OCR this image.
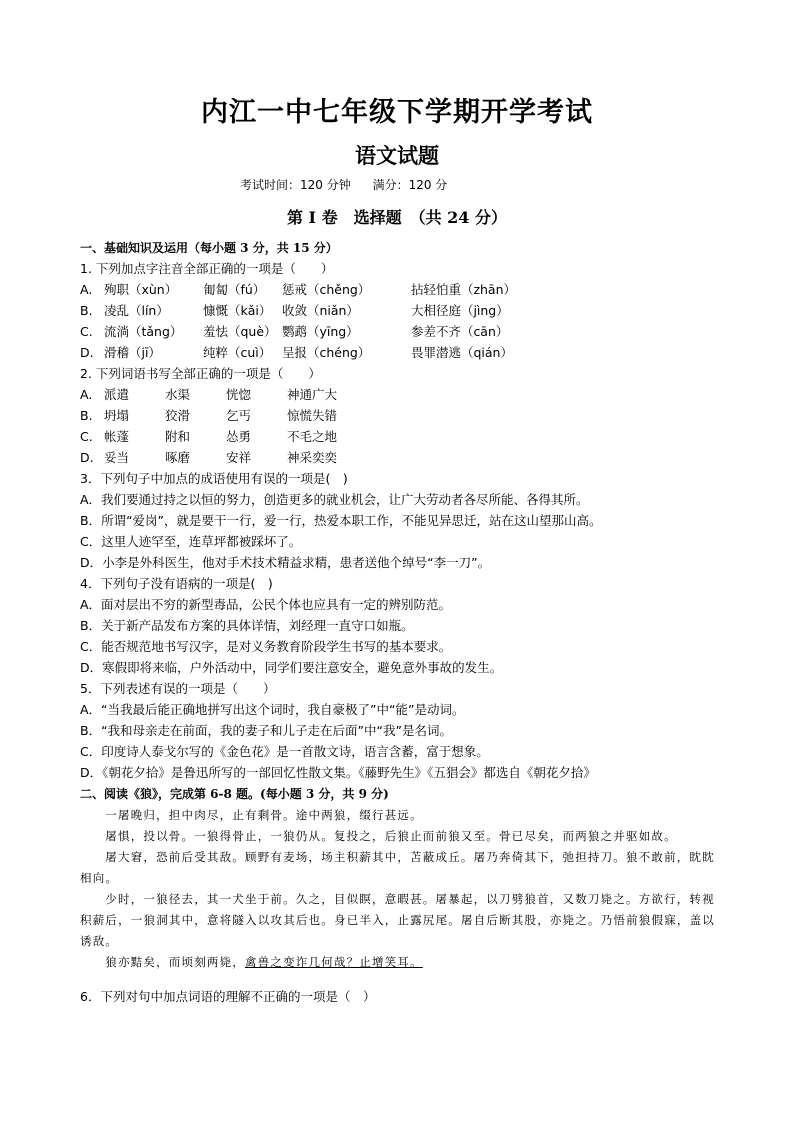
内江一中七年级下学期开学考试
语文试题
考试时间：120 分钟 满分：120 分
第 I 卷　选择题　（共 24 分）
一、基础知识及运用（每小题 3 分，共 15 分）
1. 下列加点字注音全部正确的一项是（　　）
A. 殉职（xùn） 匍匐（fú） 惩戒（chěng）	拈轻怕重（zhān）
B. 凌乱（lín）	慷慨（kǎi） 收敛（niǎn）	大相径庭（jìng）
C. 流淌（tǎng） 羞怯（què） 鹦鹉（yīng）	参差不齐（cān）
D. 滑稽（jī）	纯粹（cuì） 呈报（chéng）	畏罪潜逃（qián）
2. 下列词语书写全部正确的一项是（　　）
A. 派遣	水渠	恍惚	神通广大
B. 坍塌	狡滑	乞丐	惊慌失错
C. 帐蓬	附和	怂勇	不毛之地
D. 妥当	啄磨	安祥	神采奕奕
3．下列句子中加点的成语使用有误的一项是(　)
A．我们要通过持之以恒的努力，创造更多的就业机会，让广大劳动者各尽所能、各得其所。
B．所谓“爱岗”，就是要干一行，爱一行，热爱本职工作，不能见异思迁，站在这山望那山高。
C．这里人迹罕至，连草坪都被踩坏了。
D．小李是外科医生，他对手术技术精益求精，患者送他个绰号“李一刀”。
4．下列句子没有语病的一项是(　)
A．面对层出不穷的新型毒品，公民个体也应具有一定的辨别防范。
B．关于新产品发布方案的具体详情，刘经理一直守口如瓶。
C．能否规范地书写汉字，是对义务教育阶段学生书写的基本要求。
D．寒假即将来临，户外活动中，同学们要注意安全，避免意外事故的发生。
5．下列表述有误的一项是（　　）
A．“当我最后能正确地拼写出这个词时，我自豪极了”中“能”是动词。
B．“我和母亲走在前面，我的妻子和儿子走在后面”中“我”是名词。
C．印度诗人泰戈尔写的《金色花》是一首散文诗，语言含蓄，富于想象。
D．《朝花夕拾》是鲁迅所写的一部回忆性散文集。《藤野先生》《五猖会》都选自《朝花夕拾》
二、阅读《狼》，完成第 6-8 题。(每小题 3 分，共 9 分)
一屠晚归，担中肉尽，止有剩骨。途中两狼，缀行甚远。
屠惧，投以骨。一狼得骨止，一狼仍从。复投之，后狼止而前狼又至。骨已尽矣，而两狼之并驱如故。
屠大窘，恐前后受其敌。顾野有麦场，场主积薪其中，苫蔽成丘。屠乃奔倚其下，弛担持刀。狼不敢前，眈眈相向。
少时，一狼径去，其一犬坐于前。久之，目似瞑，意暇甚。屠暴起，以刀劈狼首，又数刀毙之。方欲行，转视积薪后，一狼洞其中，意将隧入以攻其后也。身已半入，止露尻尾。屠自后断其股，亦毙之。乃悟前狼假寐，盖以诱敌。
狼亦黠矣，而顷刻两毙，禽兽之变诈几何哉？止增笑耳。
6．下列对句中加点词语的理解不正确的一项是（　）
